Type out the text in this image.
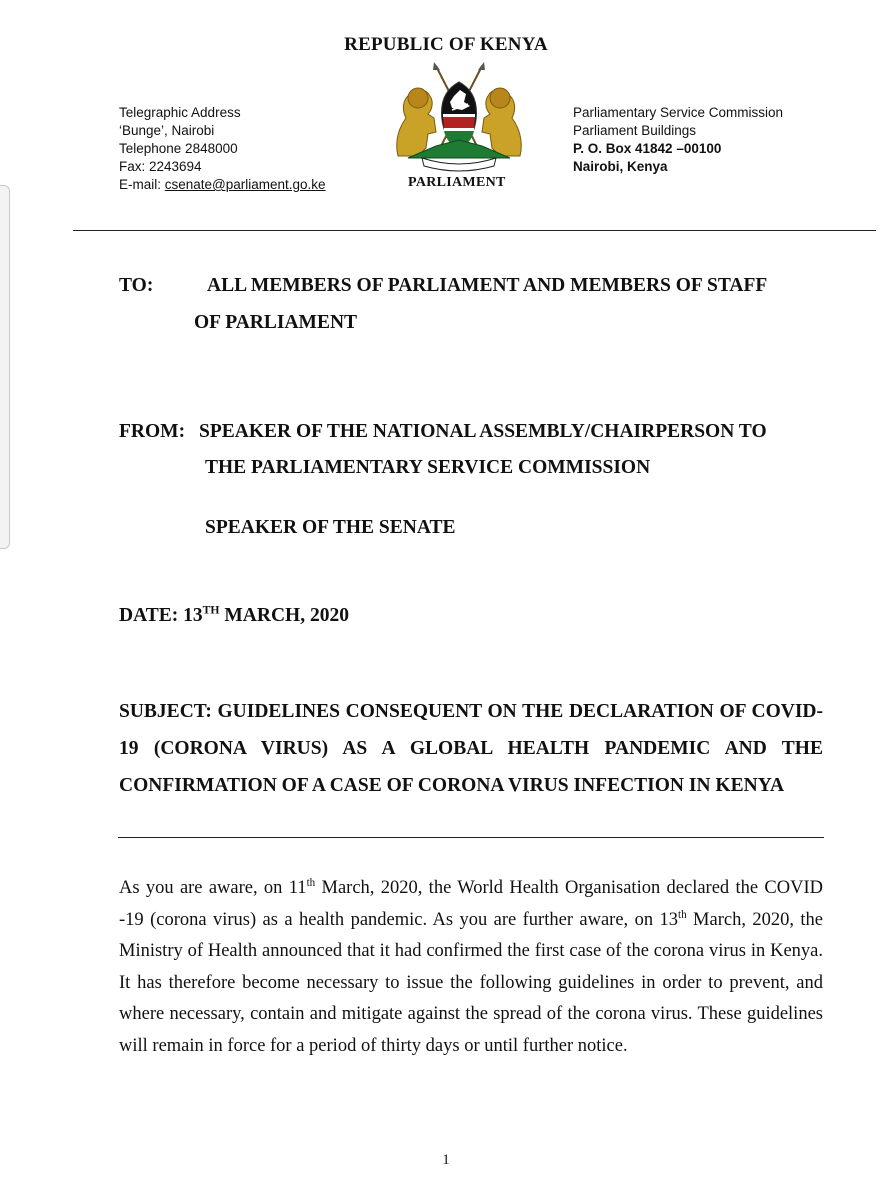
REPUBLIC OF KENYA
Telegraphic Address
‘Bunge’, Nairobi
Telephone 2848000
Fax: 2243694
E-mail: csenate@parliament.go.ke	PARLIAMENT
Parliamentary Service Commission
Parliament Buildings
P. O. Box 41842 –00100
Nairobi, Kenya
TO:	ALL MEMBERS OF PARLIAMENT AND MEMBERS OF STAFF
OF PARLIAMENT
FROM: SPEAKER OF THE NATIONAL ASSEMBLY/CHAIRPERSON TO
THE PARLIAMENTARY SERVICE COMMISSION
SPEAKER OF THE SENATE
DATE: 13TH MARCH, 2020
SUBJECT: GUIDELINES CONSEQUENT ON THE DECLARATION OF COVID-19 (CORONA VIRUS) AS A GLOBAL HEALTH PANDEMIC AND THE CONFIRMATION OF A CASE OF CORONA VIRUS INFECTION IN KENYA
As you are aware, on 11th March, 2020, the World Health Organisation declared the COVID -19 (corona virus) as a health pandemic. As you are further aware, on 13th March, 2020, the Ministry of Health announced that it had confirmed the first case of the corona virus in Kenya. It has therefore become necessary to issue the following guidelines in order to prevent, and where necessary, contain and mitigate against the spread of the corona virus. These guidelines will remain in force for a period of thirty days or until further notice.
1
